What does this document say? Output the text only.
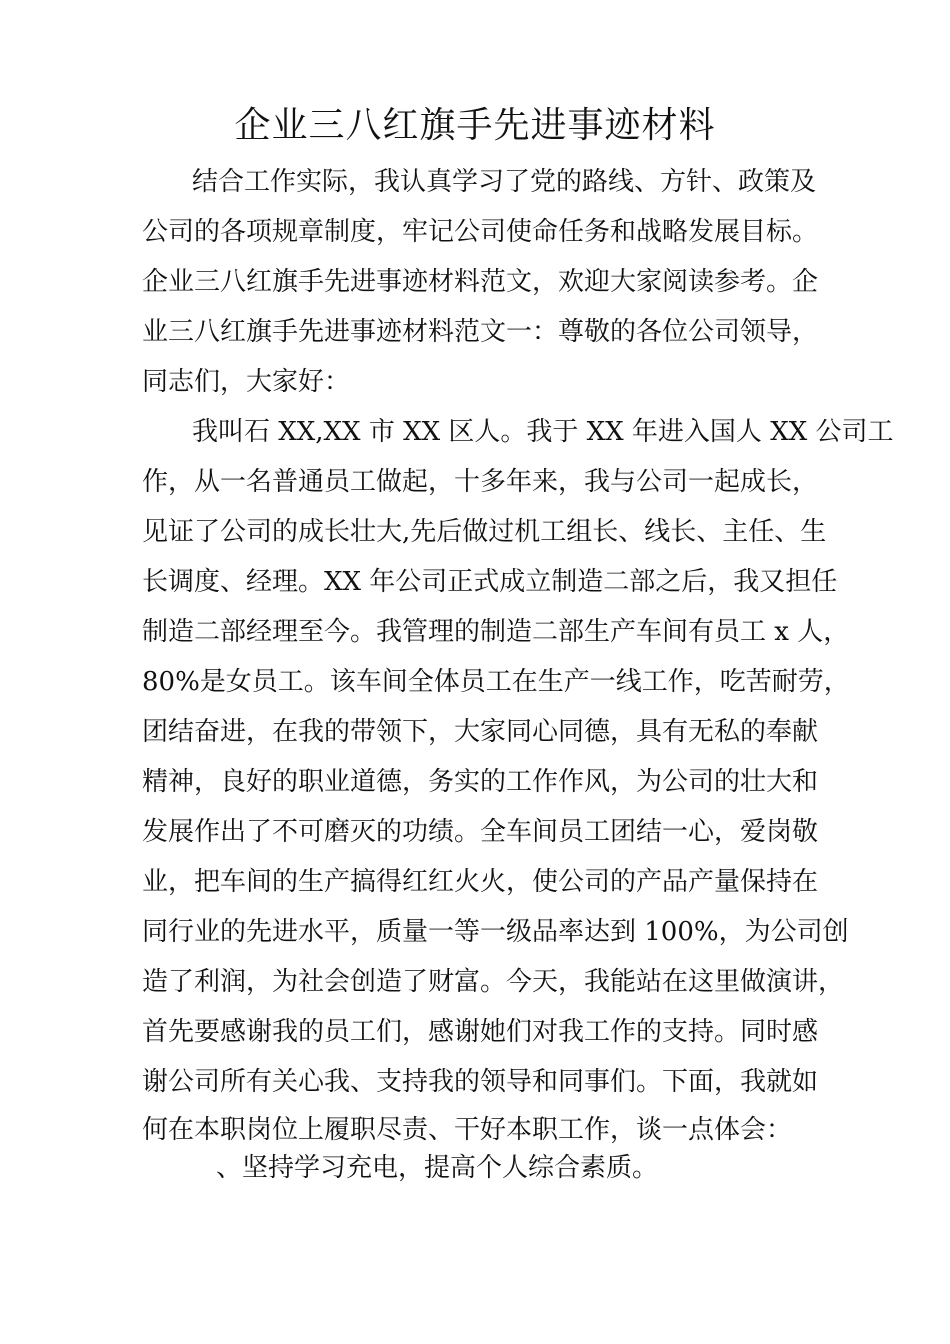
企业三八红旗手先进事迹材料

结合工作实际，我认真学习了党的路线、方针、政策及

公司的各项规章制度，牢记公司使命任务和战略发展目标。

企业三八红旗手先进事迹材料范文，欢迎大家阅读参考。企

业三八红旗手先进事迹材料范文一：尊敬的各位公司领导，

同志们，大家好：

我叫石 XX,XX 市 XX 区人。我于 XX 年进入国人 XX 公司工

作，从一名普通员工做起，十多年来，我与公司一起成长，

见证了公司的成长壮大,先后做过机工组长、线长、主任、生

长调度、经理。XX 年公司正式成立制造二部之后，我又担任

制造二部经理至今。我管理的制造二部生产车间有员工 x 人，

80%是女员工。该车间全体员工在生产一线工作，吃苦耐劳，

团结奋进，在我的带领下，大家同心同德，具有无私的奉献

精神，良好的职业道德，务实的工作作风，为公司的壮大和

发展作出了不可磨灭的功绩。全车间员工团结一心，爱岗敬

业，把车间的生产搞得红红火火，使公司的产品产量保持在

同行业的先进水平，质量一等一级品率达到 100%，为公司创

造了利润，为社会创造了财富。今天，我能站在这里做演讲，

首先要感谢我的员工们，感谢她们对我工作的支持。同时感

谢公司所有关心我、支持我的领导和同事们。下面，我就如

何在本职岗位上履职尽责、干好本职工作，谈一点体会：

、坚持学习充电，提高个人综合素质。
